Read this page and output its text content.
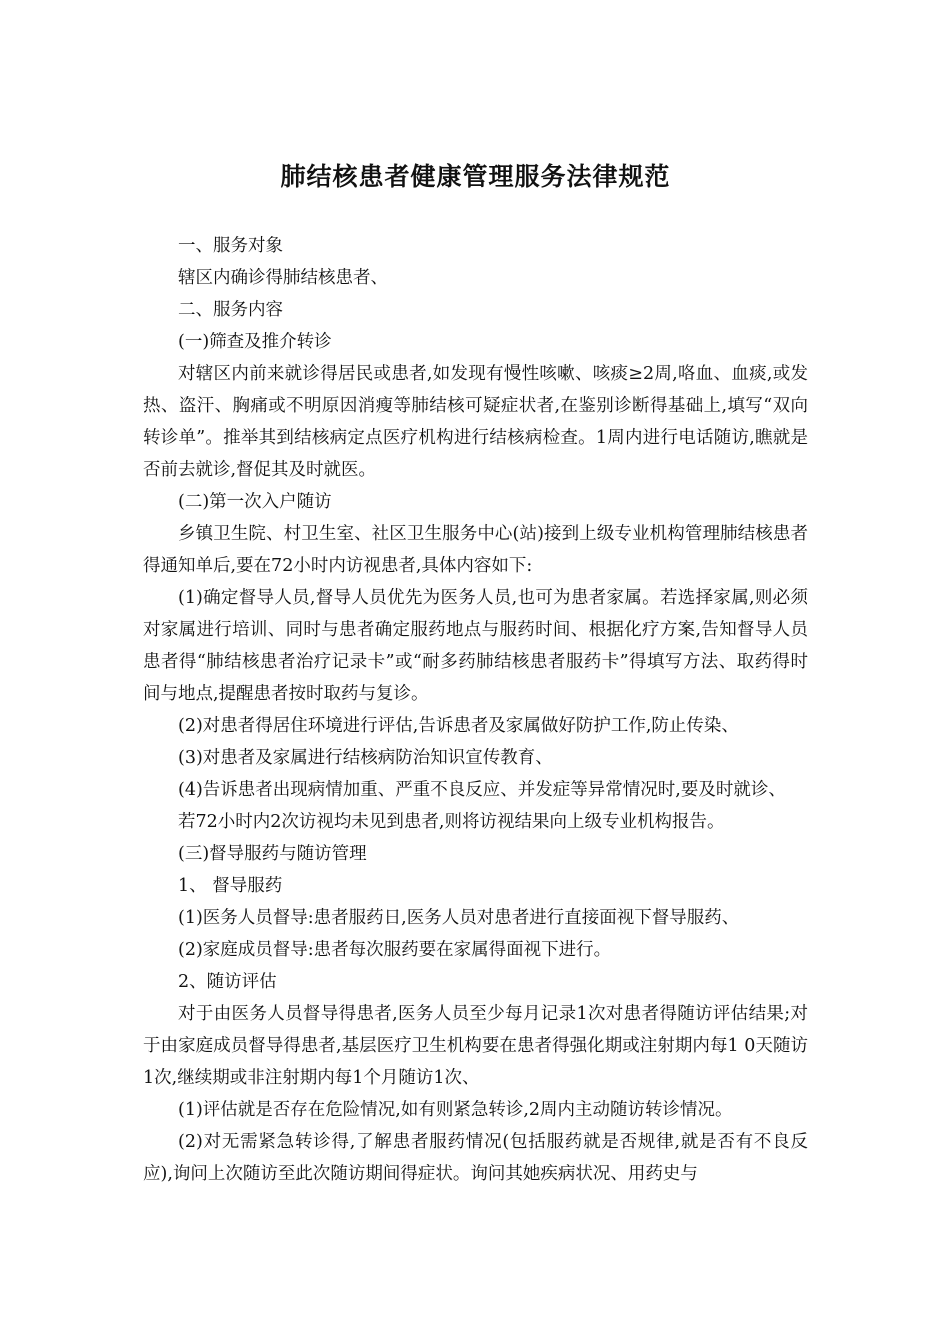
肺结核患者健康管理服务法律规范

一、服务对象

辖区内确诊得肺结核患者、

二、服务内容

(一)筛查及推介转诊

对辖区内前来就诊得居民或患者,如发现有慢性咳嗽、咳痰≥2周,咯血、血痰,或发热、盗汗、胸痛或不明原因消瘦等肺结核可疑症状者,在鉴别诊断得基础上,填写“双向转诊单”。推举其到结核病定点医疗机构进行结核病检查。1周内进行电话随访,瞧就是否前去就诊,督促其及时就医。

(二)第一次入户随访

乡镇卫生院、村卫生室、社区卫生服务中心(站)接到上级专业机构管理肺结核患者得通知单后,要在72小时内访视患者,具体内容如下:

(1)确定督导人员,督导人员优先为医务人员,也可为患者家属。若选择家属,则必须对家属进行培训、同时与患者确定服药地点与服药时间、根据化疗方案,告知督导人员患者得“肺结核患者治疗记录卡”或“耐多药肺结核患者服药卡”得填写方法、取药得时间与地点,提醒患者按时取药与复诊。

(2)对患者得居住环境进行评估,告诉患者及家属做好防护工作,防止传染、

(3)对患者及家属进行结核病防治知识宣传教育、

(4)告诉患者出现病情加重、严重不良反应、并发症等异常情况时,要及时就诊、

若72小时内2次访视均未见到患者,则将访视结果向上级专业机构报告。

(三)督导服药与随访管理

1、 督导服药

(1)医务人员督导:患者服药日,医务人员对患者进行直接面视下督导服药、

(2)家庭成员督导:患者每次服药要在家属得面视下进行。

2、随访评估

对于由医务人员督导得患者,医务人员至少每月记录1次对患者得随访评估结果;对于由家庭成员督导得患者,基层医疗卫生机构要在患者得强化期或注射期内每1 0天随访1次,继续期或非注射期内每1个月随访1次、

(1)评估就是否存在危险情况,如有则紧急转诊,2周内主动随访转诊情况。

(2)对无需紧急转诊得,了解患者服药情况(包括服药就是否规律,就是否有不良反应),询问上次随访至此次随访期间得症状。询问其她疾病状况、用药史与
